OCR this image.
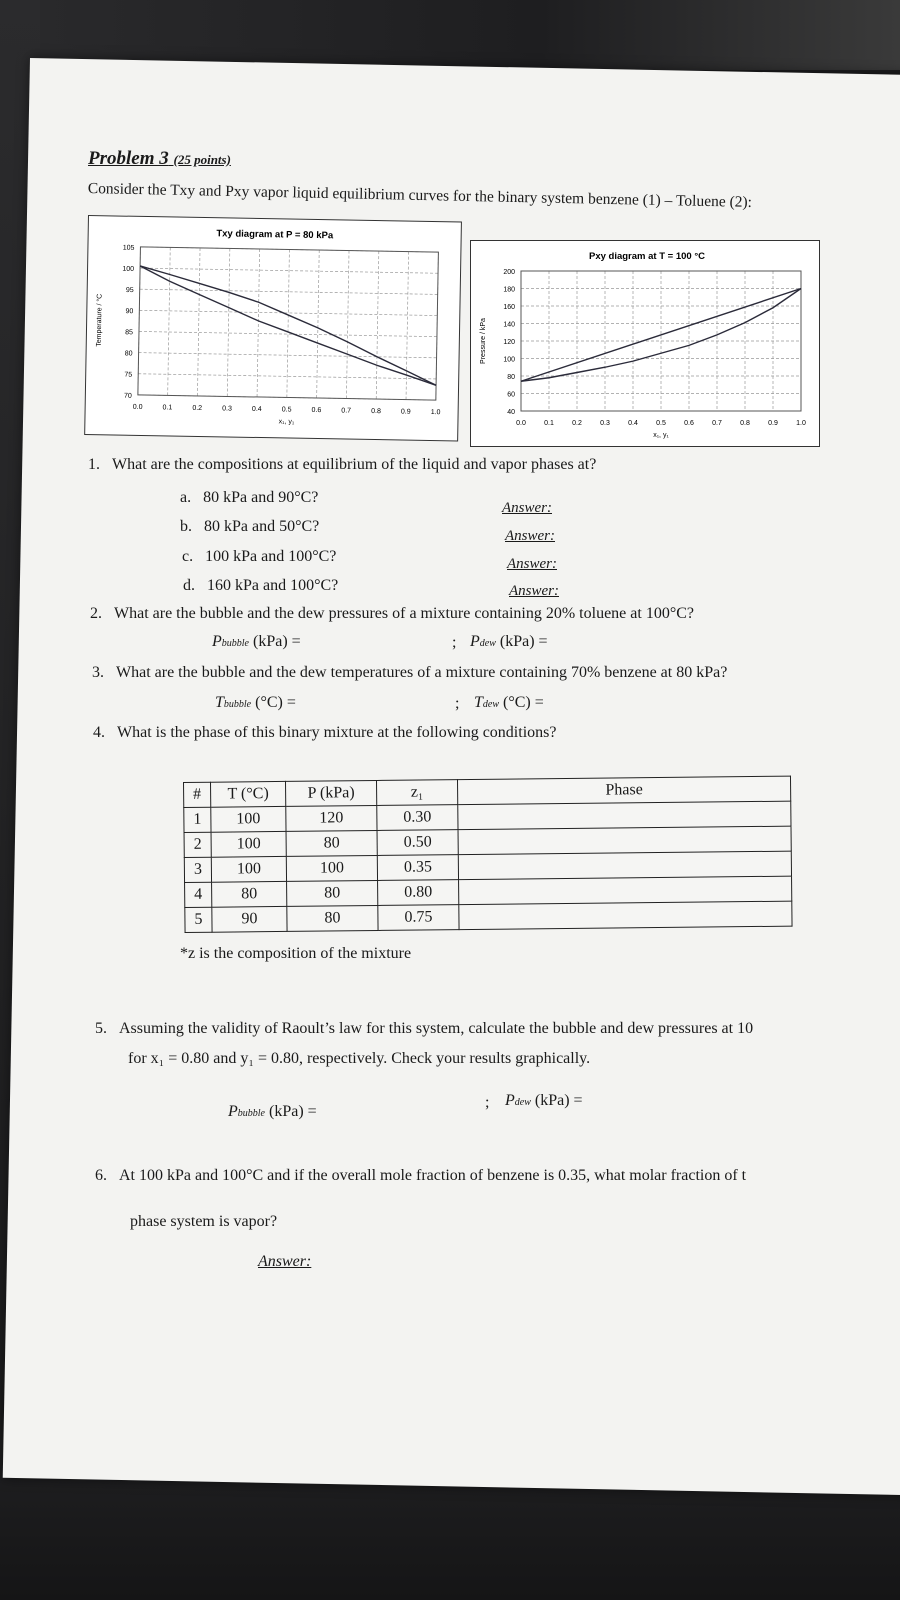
Problem 3 (25 points)
Consider the Txy and Pxy vapor liquid equilibrium curves for the binary system benzene (1) – Toluene (2):
Txy diagram at P = 80 kPa
0.0	0.1	0.2	0.3	0.4	0.5	0.6	0.7	0.8	0.9	1.0
70
75
80
85
90
95
100
105
x₁, y₁
Temperature / °C
Pxy diagram at T = 100 °C
0.0	0.1	0.2	0.3	0.4	0.5	0.6	0.7	0.8	0.9	1.0
40
60
80
100
120
140
160
180
200
x₁, y₁
Pressure / kPa
1. What are the compositions at equilibrium of the liquid and vapor phases at?
a. 80 kPa and 90°C?
Answer:
b. 80 kPa and 50°C?
Answer:
c. 100 kPa and 100°C?	Answer:
d. 160 kPa and 100°C?	Answer:
2. What are the bubble and the dew pressures of a mixture containing 20% toluene at 100°C?
Pbubble (kPa) =	; Pdew (kPa) =
3. What are the bubble and the dew temperatures of a mixture containing 70% benzene at 80 kPa?
Tbubble (°C) =	; Tdew (°C) =
4. What is the phase of this binary mixture at the following conditions?
#	T (°C)	P (kPa)	z₁	Phase
1	100	120	0.30	
2	100	80	0.50	
3	100	100	0.35	
4	80	80	0.80	
5	90	80	0.75	
*z is the composition of the mixture
5. Assuming the validity of Raoult’s law for this system, calculate the bubble and dew pressures at 10
for x₁ = 0.80 and y₁ = 0.80, respectively. Check your results graphically.
Pbubble (kPa) =
; Pdew (kPa) =
6. At 100 kPa and 100°C and if the overall mole fraction of benzene is 0.35, what molar fraction of t
phase system is vapor?
Answer:
